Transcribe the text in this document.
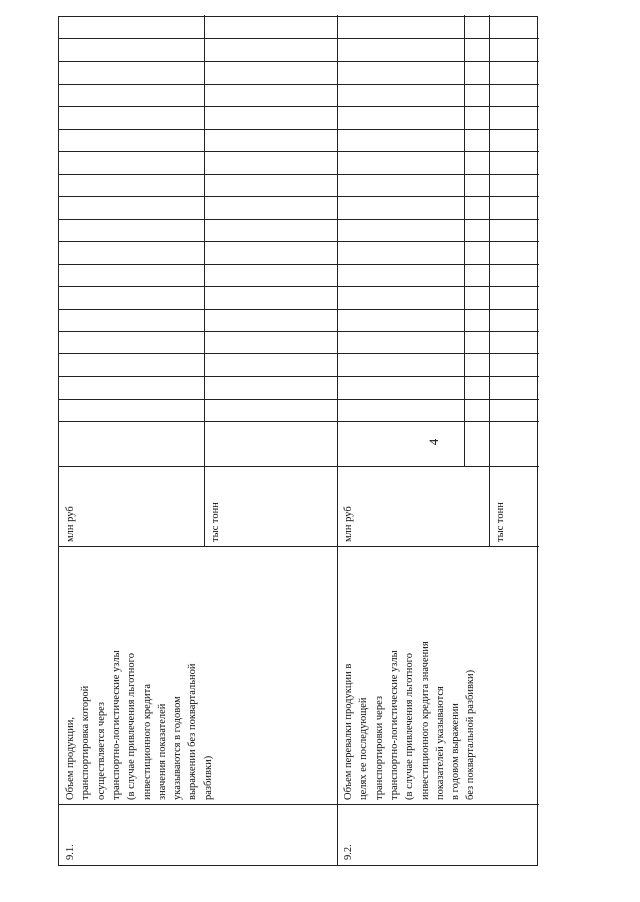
4
9.1.
Объем продукции, транспортировка которой осуществляется через транспортно-логистические узлы (в случае привлечения льготного инвестиционного кредита значения показателей указываются в годовом выражении без поквартальной разбивки)
млн руб	тыс тонн
9.2.
Объем перевалки продукции в целях ее последующей транспортировки через транспортно-логистические узлы (в случае привлечения льготного инвестиционного кредита значения показателей указываются в годовом выражении без поквартальной разбивки)
млн руб	тыс тонн
